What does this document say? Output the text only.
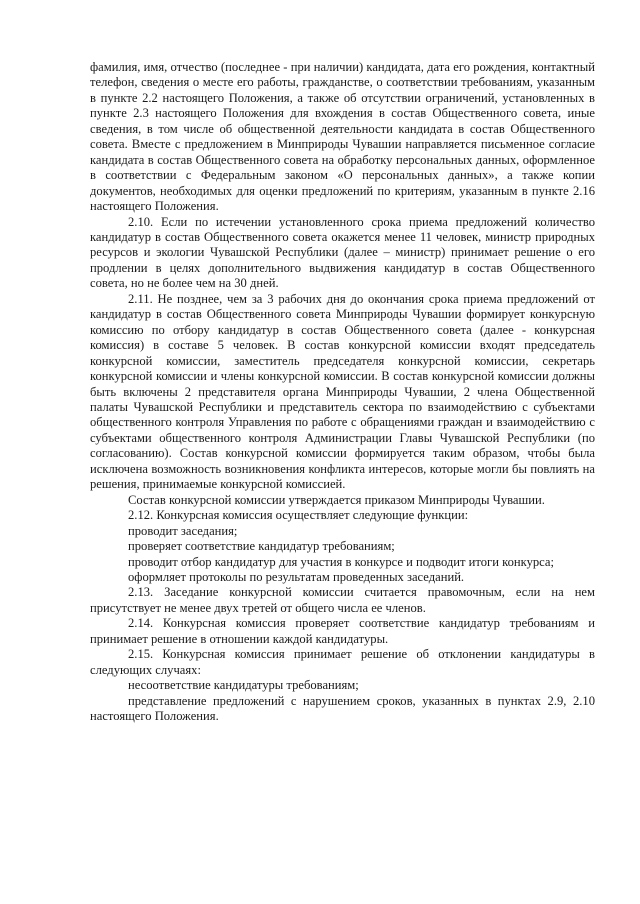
фамилия, имя, отчество (последнее - при наличии) кандидата, дата его рождения, контактный телефон, сведения о месте его работы, гражданстве, о соответствии требованиям, указанным в пункте 2.2 настоящего Положения, а также об отсутствии ограничений, установленных в пункте 2.3 настоящего Положения для вхождения в состав Общественного совета, иные сведения, в том числе об общественной деятельности кандидата в состав Общественного совета. Вместе с предложением в Минприроды Чувашии направляется письменное согласие кандидата в состав Общественного совета на обработку персональных данных, оформленное в соответствии с Федеральным законом «О персональных данных», а также копии документов, необходимых для оценки предложений по критериям, указанным в пункте 2.16 настоящего Положения.

2.10. Если по истечении установленного срока приема предложений количество кандидатур в состав Общественного совета окажется менее 11 человек, министр природных ресурсов и экологии Чувашской Республики (далее – министр) принимает решение о его продлении в целях дополнительного выдвижения кандидатур в состав Общественного совета, но не более чем на 30 дней.

2.11. Не позднее, чем за 3 рабочих дня до окончания срока приема предложений от кандидатур в состав Общественного совета Минприроды Чувашии формирует конкурсную комиссию по отбору кандидатур в состав Общественного совета (далее - конкурсная комиссия) в составе 5 человек. В состав конкурсной комиссии входят председатель конкурсной комиссии, заместитель председателя конкурсной комиссии, секретарь конкурсной комиссии и члены конкурсной комиссии. В состав конкурсной комиссии должны быть включены 2 представителя органа Минприроды Чувашии, 2 члена Общественной палаты Чувашской Республики и представитель сектора по взаимодействию с субъектами общественного контроля Управления по работе с обращениями граждан и взаимодействию с субъектами общественного контроля Администрации Главы Чувашской Республики (по согласованию). Состав конкурсной комиссии формируется таким образом, чтобы была исключена возможность возникновения конфликта интересов, которые могли бы повлиять на решения, принимаемые конкурсной комиссией.

Состав конкурсной комиссии утверждается приказом Минприроды Чувашии.

2.12. Конкурсная комиссия осуществляет следующие функции:

проводит заседания;

проверяет соответствие кандидатур требованиям;

проводит отбор кандидатур для участия в конкурсе и подводит итоги конкурса;

оформляет протоколы по результатам проведенных заседаний.

2.13. Заседание конкурсной комиссии считается правомочным, если на нем присутствует не менее двух третей от общего числа ее членов.

2.14. Конкурсная комиссия проверяет соответствие кандидатур требованиям и принимает решение в отношении каждой кандидатуры.

2.15. Конкурсная комиссия принимает решение об отклонении кандидатуры в следующих случаях:

несоответствие кандидатуры требованиям;

представление предложений с нарушением сроков, указанных в пунктах 2.9, 2.10 настоящего Положения.
